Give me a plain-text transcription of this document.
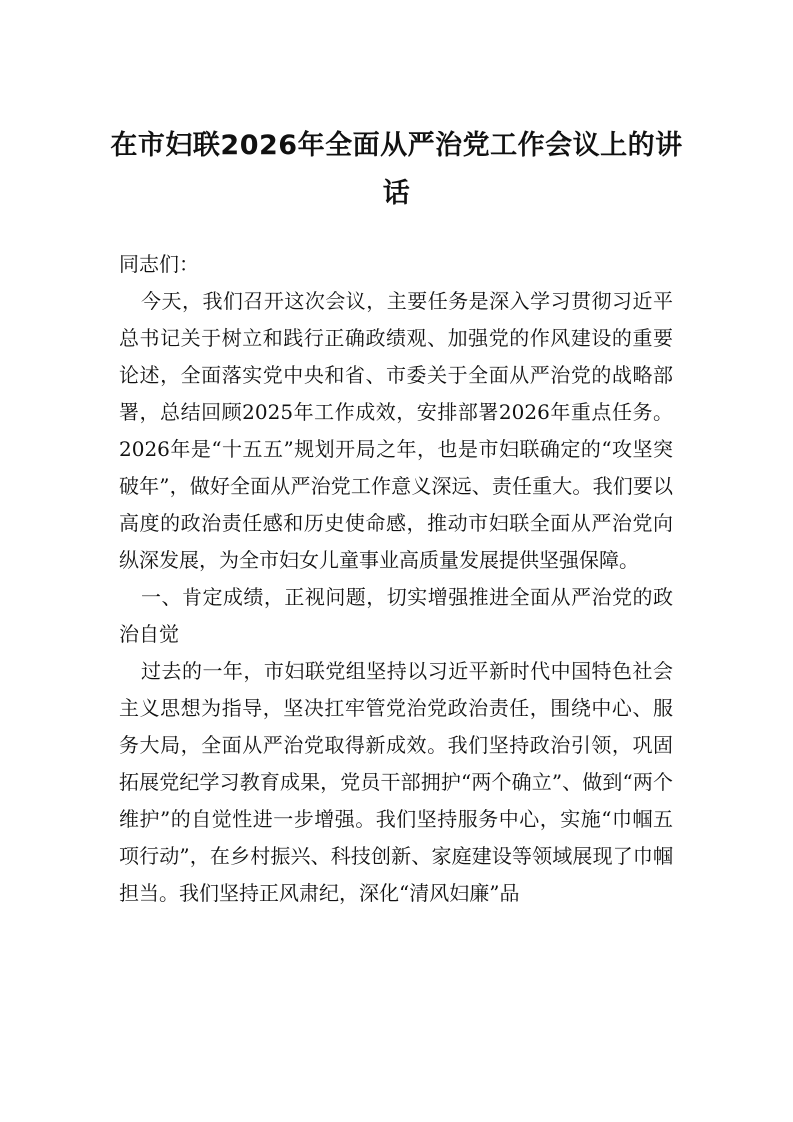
在市妇联2026年全面从严治党工作会议上的讲话

同志们：

今天，我们召开这次会议，主要任务是深入学习贯彻习近平总书记关于树立和践行正确政绩观、加强党的作风建设的重要论述，全面落实党中央和省、市委关于全面从严治党的战略部署，总结回顾2025年工作成效，安排部署2026年重点任务。2026年是“十五五”规划开局之年，也是市妇联确定的“攻坚突破年”，做好全面从严治党工作意义深远、责任重大。我们要以高度的政治责任感和历史使命感，推动市妇联全面从严治党向纵深发展，为全市妇女儿童事业高质量发展提供坚强保障。

一、肯定成绩，正视问题，切实增强推进全面从严治党的政治自觉

过去的一年，市妇联党组坚持以习近平新时代中国特色社会主义思想为指导，坚决扛牢管党治党政治责任，围绕中心、服务大局，全面从严治党取得新成效。我们坚持政治引领，巩固拓展党纪学习教育成果，党员干部拥护“两个确立”、做到“两个维护”的自觉性进一步增强。我们坚持服务中心，实施“巾帼五项行动”，在乡村振兴、科技创新、家庭建设等领域展现了巾帼担当。我们坚持正风肃纪，深化“清风妇廉”品
